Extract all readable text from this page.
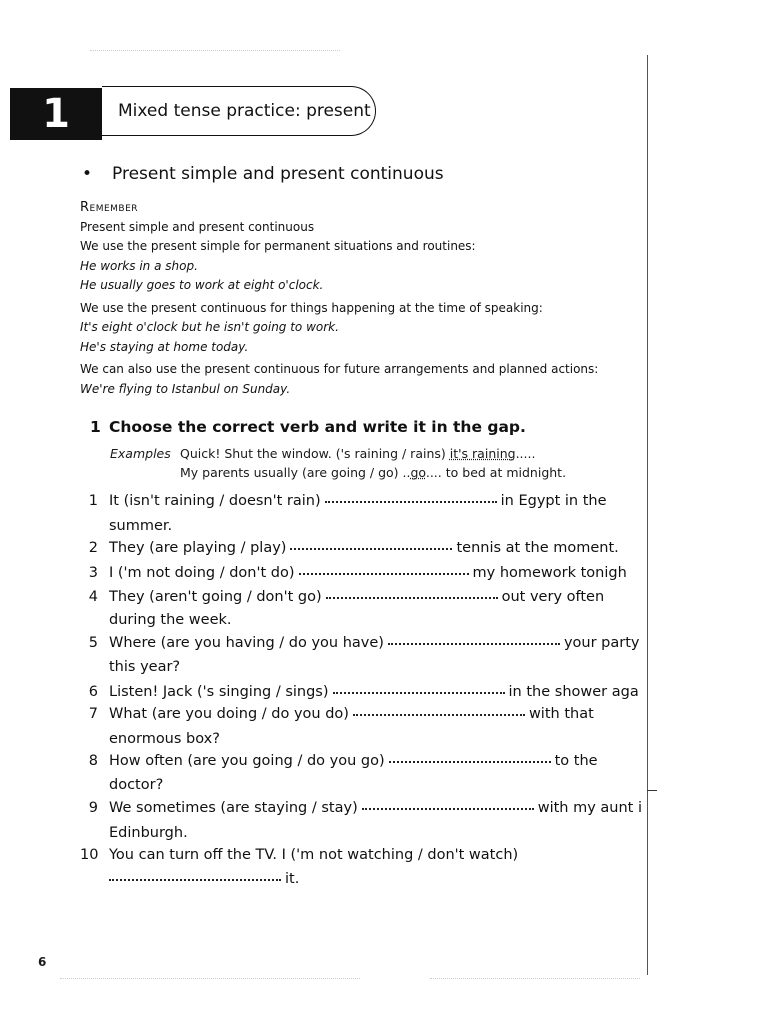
1	Mixed tense practice: present
• Present simple and present continuous
Remember
Present simple and present continuous
We use the present simple for permanent situations and routines:
He works in a shop.
He usually goes to work at eight o'clock.
We use the present continuous for things happening at the time of speaking:
It's eight o'clock but he isn't going to work.
He's staying at home today.
We can also use the present continuous for future arrangements and planned actions:
We're flying to Istanbul on Sunday.
1 Choose the correct verb and write it in the gap.
Examples Quick! Shut the window. ('s raining / rains) it's raining.....
My parents usually (are going / go) ..go.... to bed at midnight.
1 It (isn't raining / doesn't rain)	in Egypt in the
summer.
2 They (are playing / play)	tennis at the moment.
3 I ('m not doing / don't do)	my homework tonigh
4 They (aren't going / don't go)	out very often
during the week.
5 Where (are you having / do you have)	your party
this year?
6 Listen! Jack ('s singing / sings)	in the shower aga
7 What (are you doing / do you do)	with that
enormous box?
8 How often (are you going / do you go)	to the
doctor?
9 We sometimes (are staying / stay)	with my aunt i
Edinburgh.
10 You can turn off the TV. I ('m not watching / don't watch)
it.
6
